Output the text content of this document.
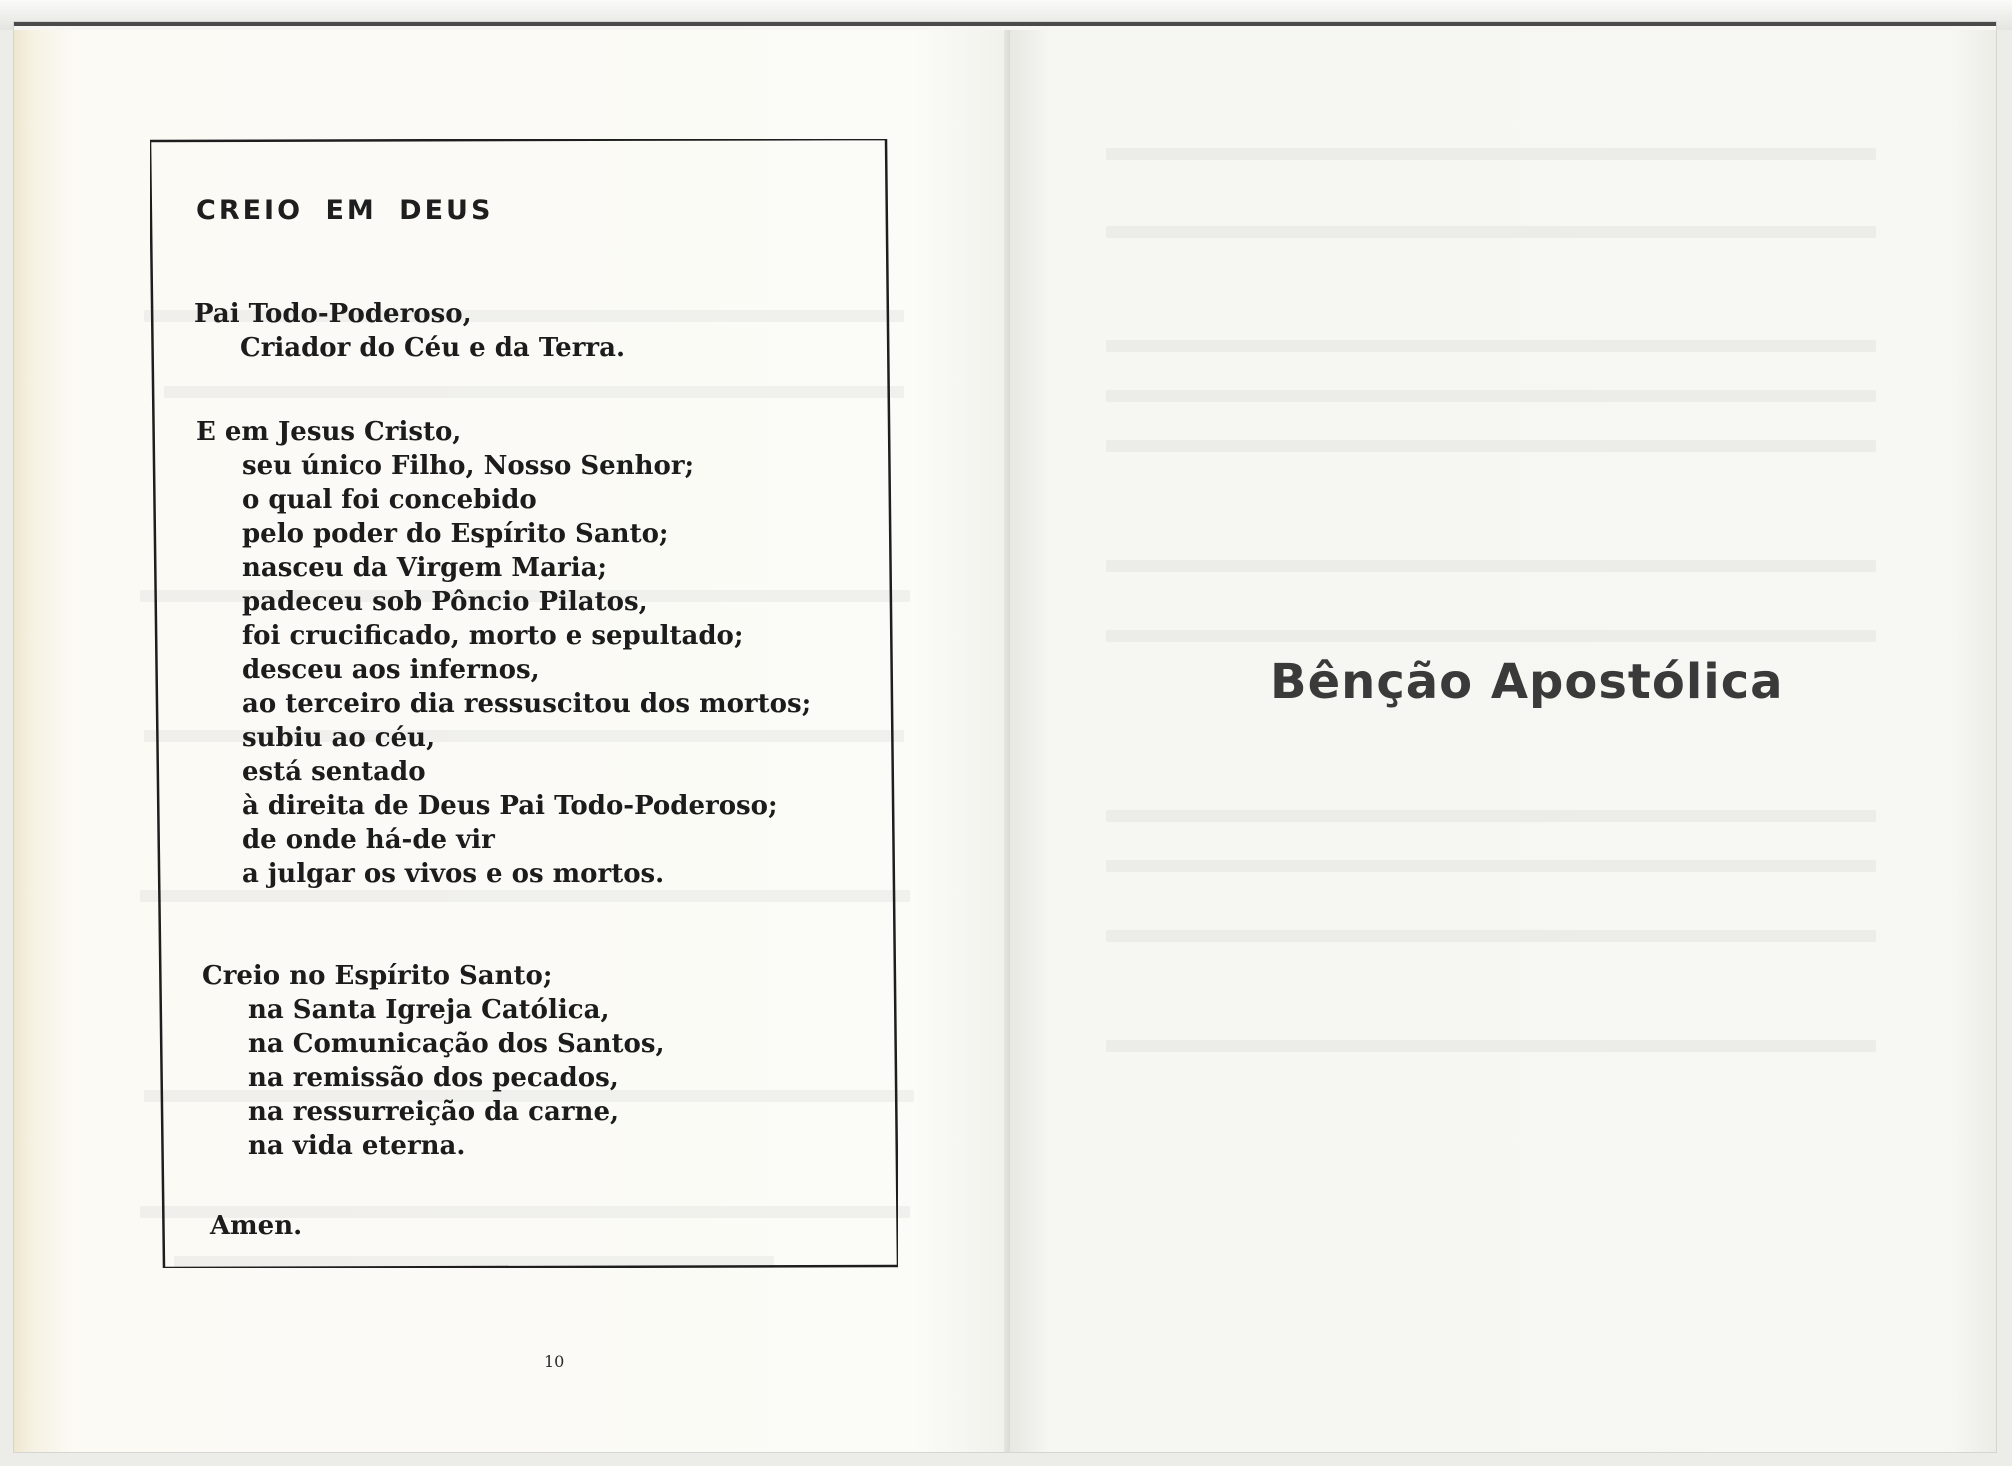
CREIO EM DEUS
Pai Todo-Poderoso,
Criador do Céu e da Terra.
E em Jesus Cristo,
seu único Filho, Nosso Senhor;
o qual foi concebido
pelo poder do Espírito Santo;
nasceu da Virgem Maria;
padeceu sob Pôncio Pilatos,
foi crucificado, morto e sepultado;
desceu aos infernos,
ao terceiro dia ressuscitou dos mortos;
subiu ao céu,
está sentado
à direita de Deus Pai Todo-Poderoso;
de onde há-de vir
a julgar os vivos e os mortos.
Creio no Espírito Santo;
na Santa Igreja Católica,
na Comunicação dos Santos,
na remissão dos pecados,
na ressurreição da carne,
na vida eterna.

Amen.

10
Bênção Apostólica
